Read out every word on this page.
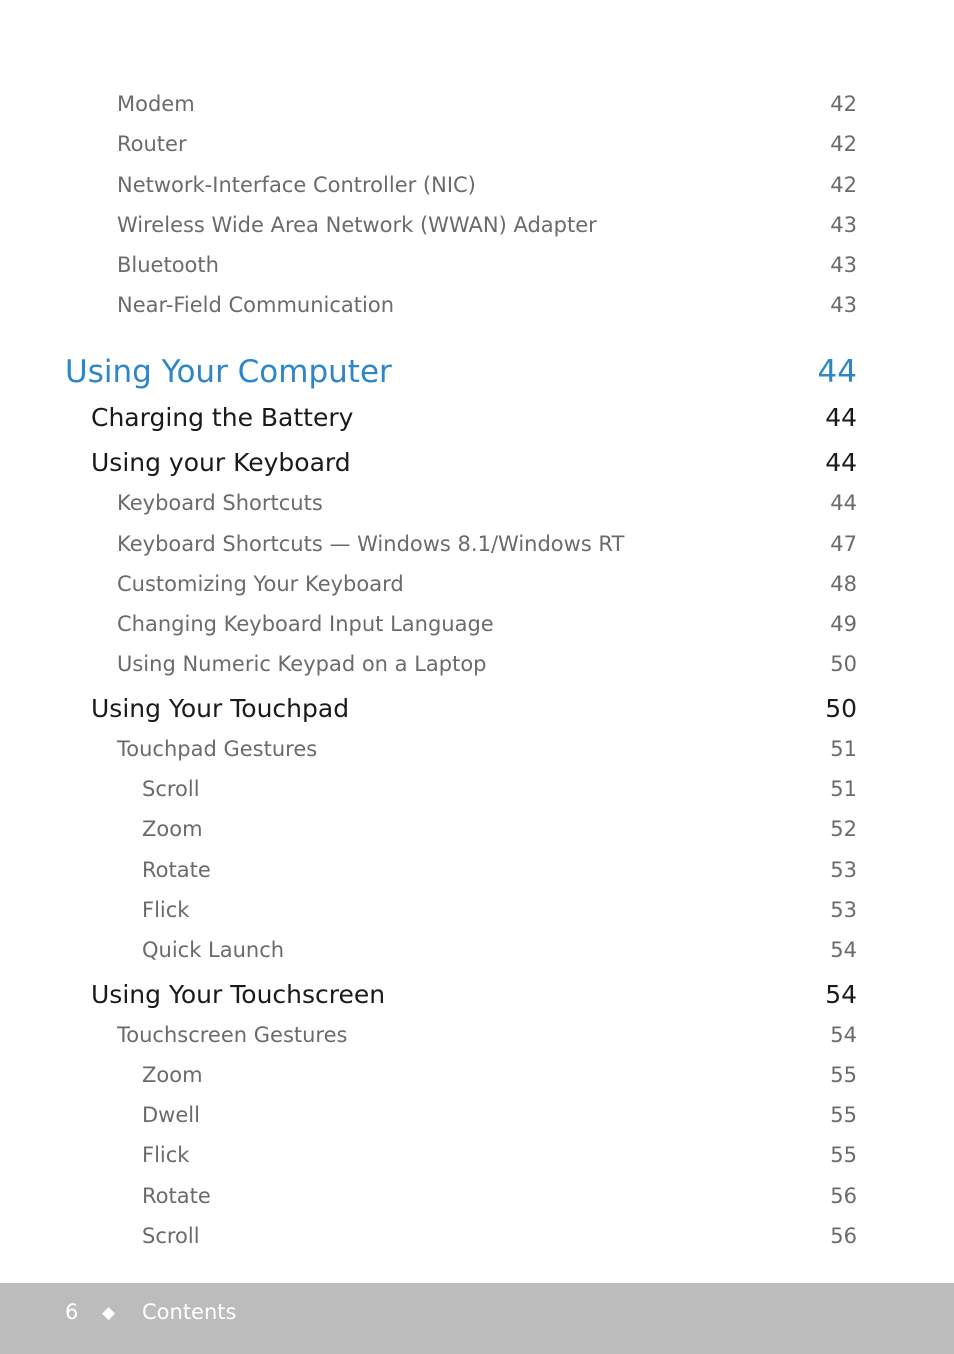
Modem	42
Router	42
Network-Interface Controller (NIC)	42
Wireless Wide Area Network (WWAN) Adapter	43
Bluetooth	43
Near-Field Communication	43
Using Your Computer	44
Charging the Battery	44
Using your Keyboard	44
Keyboard Shortcuts	44
Keyboard Shortcuts — Windows 8.1/Windows RT	47
Customizing Your Keyboard	48
Changing Keyboard Input Language	49
Using Numeric Keypad on a Laptop	50
Using Your Touchpad	50
Touchpad Gestures	51
Scroll	51
Zoom	52
Rotate	53
Flick	53
Quick Launch	54
Using Your Touchscreen	54
Touchscreen Gestures	54
Zoom	55
Dwell	55
Flick	55
Rotate	56
Scroll	56
6 ◆ Contents
